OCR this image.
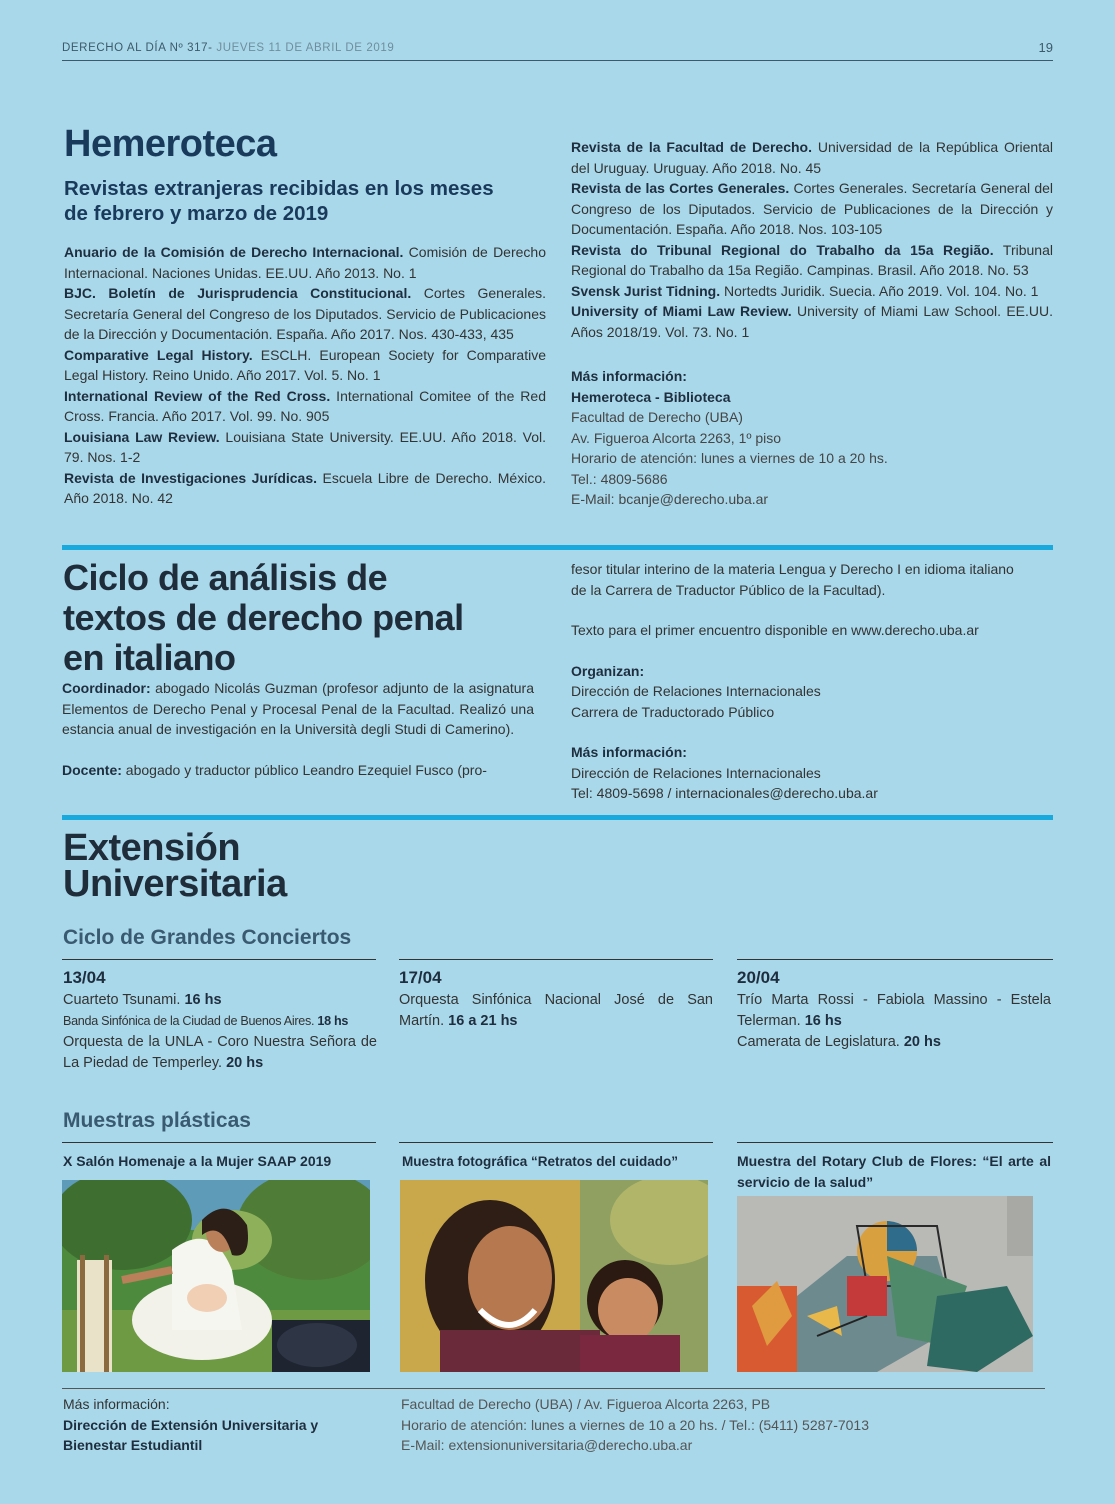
DERECHO AL DÍA Nº 317- JUEVES 11 DE ABRIL DE 2019	19
Hemeroteca
Revistas extranjeras recibidas en los meses
de febrero y marzo de 2019

Anuario de la Comisión de Derecho Internacional. Comisión de Derecho Internacional. Naciones Unidas. EE.UU. Año 2013. No. 1

BJC. Boletín de Jurisprudencia Constitucional. Cortes Generales. Secretaría General del Congreso de los Diputados. Servicio de Publicaciones de la Dirección y Documentación. España. Año 2017. Nos. 430-433, 435

Comparative Legal History. ESCLH. European Society for Comparative Legal History. Reino Unido. Año 2017. Vol. 5. No. 1

International Review of the Red Cross. International Comitee of the Red Cross. Francia. Año 2017. Vol. 99. No. 905

Louisiana Law Review. Louisiana State University. EE.UU. Año 2018. Vol. 79. Nos. 1-2

Revista de Investigaciones Jurídicas. Escuela Libre de Derecho. México. Año 2018. No. 42

Revista de la Facultad de Derecho. Universidad de la República Oriental del Uruguay. Uruguay. Año 2018. No. 45

Revista de las Cortes Generales. Cortes Generales. Secretaría General del Congreso de los Diputados. Servicio de Publicaciones de la Dirección y Documentación. España. Año 2018. Nos. 103-105

Revista do Tribunal Regional do Trabalho da 15a Região. Tribunal Regional do Trabalho da 15a Região. Campinas. Brasil. Año 2018. No. 53

Svensk Jurist Tidning. Nortedts Juridik. Suecia. Año 2019. Vol. 104. No. 1

University of Miami Law Review. University of Miami Law School. EE.UU. Años 2018/19. Vol. 73. No. 1

Más información:
Hemeroteca - Biblioteca
Facultad de Derecho (UBA)
Av. Figueroa Alcorta 2263, 1º piso
Horario de atención: lunes a viernes de 10 a 20 hs.
Tel.: 4809-5686
E-Mail: bcanje@derecho.uba.ar
Ciclo de análisis de
textos de derecho penal
en italiano

Coordinador: abogado Nicolás Guzman (profesor adjunto de la asignatura Elementos de Derecho Penal y Procesal Penal de la Facultad. Realizó una estancia anual de investigación en la Università degli Studi di Camerino).

Docente: abogado y traductor público Leandro Ezequiel Fusco (pro-

fesor titular interino de la materia Lengua y Derecho I en idioma italiano
de la Carrera de Traductor Público de la Facultad).
Texto para el primer encuentro disponible en www.derecho.uba.ar
Organizan:
Dirección de Relaciones Internacionales
Carrera de Traductorado Público
Más información:
Dirección de Relaciones Internacionales
Tel: 4809-5698 / internacionales@derecho.uba.ar
Extensión
Universitaria
Ciclo de Grandes Conciertos
13/04
Cuarteto Tsunami. 16 hs
Banda Sinfónica de la Ciudad de Buenos Aires. 18 hs
Orquesta de la UNLA - Coro Nuestra Señora de La Piedad de Temperley. 20 hs
17/04
Orquesta Sinfónica Nacional José de San Martín. 16 a 21 hs
20/04
Trío Marta Rossi - Fabiola Massino - Estela Telerman. 16 hs
Camerata de Legislatura. 20 hs
Muestras plásticas
X Salón Homenaje a la Mujer SAAP 2019	Muestra fotográfica “Retratos del cuidado”	Muestra del Rotary Club de Flores: “El arte al servicio de la salud”
Más información:
Dirección de Extensión Universitaria y
Bienestar Estudiantil
Facultad de Derecho (UBA) / Av. Figueroa Alcorta 2263, PB
Horario de atención: lunes a viernes de 10 a 20 hs. / Tel.: (5411) 5287-7013
E-Mail: extensionuniversitaria@derecho.uba.ar
